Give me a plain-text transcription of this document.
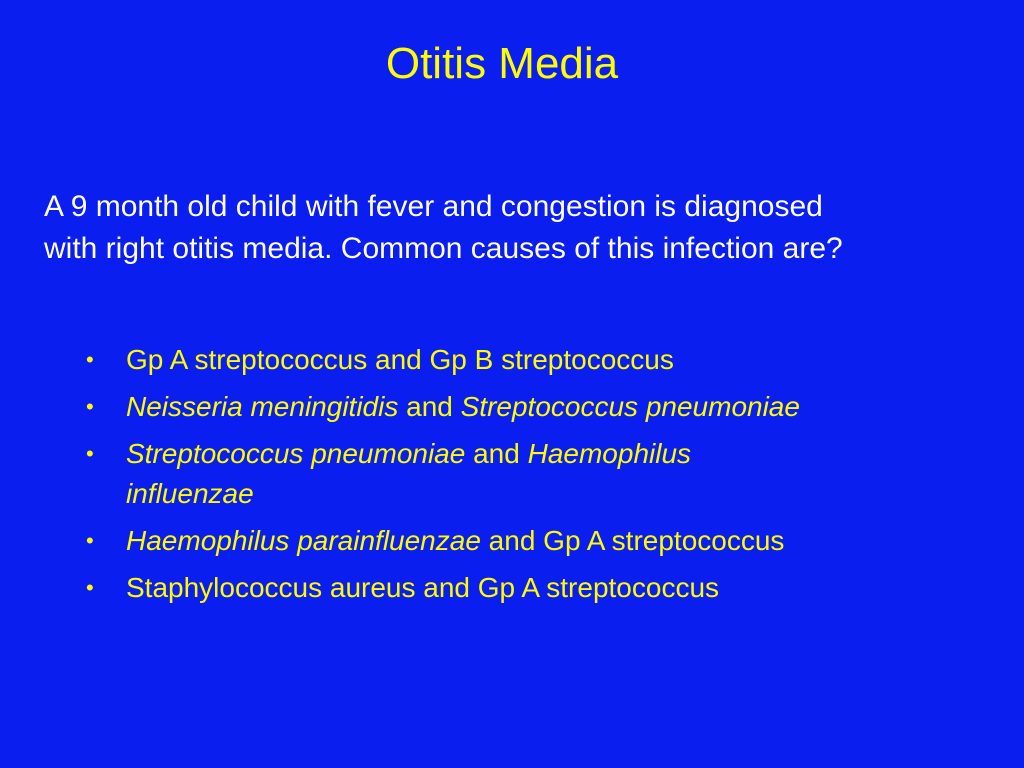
Otitis Media
A 9 month old child with fever and congestion is diagnosed
with right otitis media. Common causes of this infection are?
•	Gp A streptococcus and Gp B streptococcus
•	Neisseria meningitidis and Streptococcus pneumoniae
•	Streptococcus pneumoniae and Haemophilus
influenzae
•	Haemophilus parainfluenzae and Gp A streptococcus
•	Staphylococcus aureus and Gp A streptococcus
